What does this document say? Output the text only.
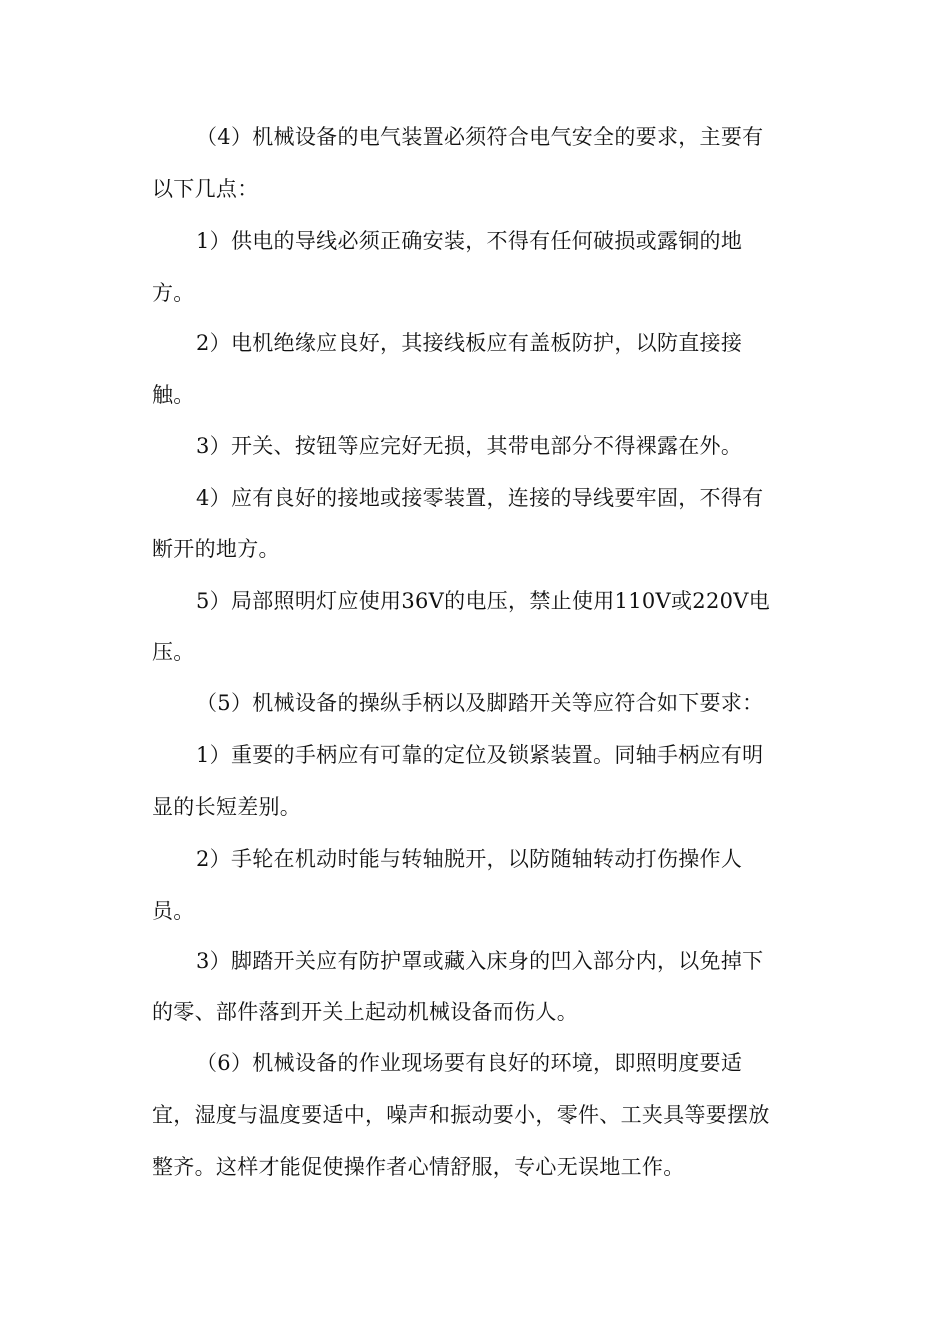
（4）机械设备的电气装置必须符合电气安全的要求，主要有
以下几点：
1）供电的导线必须正确安装，不得有任何破损或露铜的地
方。
2）电机绝缘应良好，其接线板应有盖板防护，以防直接接
触。
3）开关、按钮等应完好无损，其带电部分不得裸露在外。
4）应有良好的接地或接零装置，连接的导线要牢固，不得有
断开的地方。
5）局部照明灯应使用36V的电压，禁止使用110V或220V电
压。
（5）机械设备的操纵手柄以及脚踏开关等应符合如下要求：
1）重要的手柄应有可靠的定位及锁紧装置。同轴手柄应有明
显的长短差别。
2）手轮在机动时能与转轴脱开，以防随轴转动打伤操作人
员。
3）脚踏开关应有防护罩或藏入床身的凹入部分内，以免掉下
的零、部件落到开关上起动机械设备而伤人。
（6）机械设备的作业现场要有良好的环境，即照明度要适
宜，湿度与温度要适中，噪声和振动要小，零件、工夹具等要摆放
整齐。这样才能促使操作者心情舒服，专心无误地工作。
